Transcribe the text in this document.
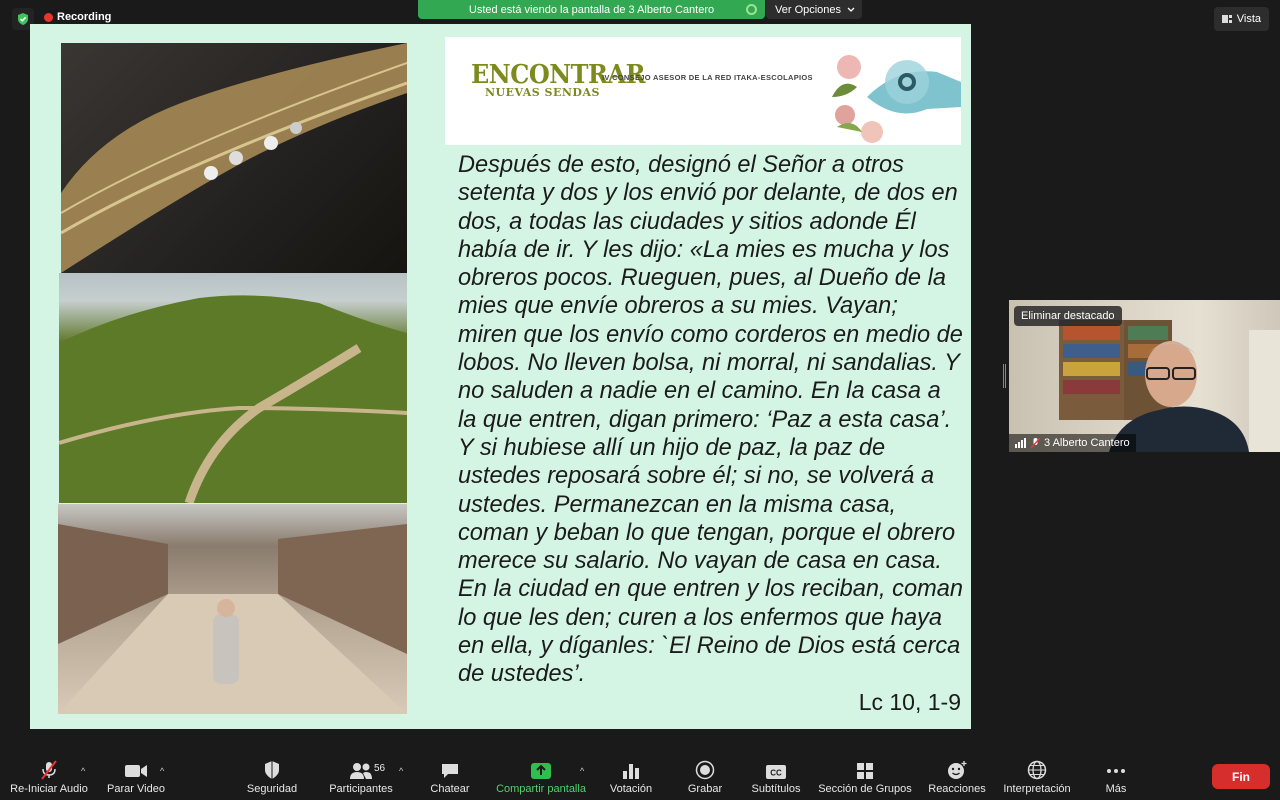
Recording
Usted está viendo la pantalla de 3 Alberto Cantero	Ver Opciones
Vista
ENCONTRAR
NUEVAS SENDAS
IV CONSEJO ASESOR DE LA RED ITAKA-ESCOLAPIOS
Después de esto, designó el Señor a otros setenta y dos y los envió por delante, de dos en dos, a todas las ciudades y sitios adonde Él había de ir. Y les dijo: «La mies es mucha y los obreros pocos. Rueguen, pues, al Dueño de la mies que envíe obreros a su mies. Vayan; miren que los envío como corderos en medio de lobos. No lleven bolsa, ni morral, ni sandalias. Y no saluden a nadie en el camino. En la casa a la que entren, digan primero: ‘Paz a esta casa’. Y si hubiese allí un hijo de paz, la paz de ustedes reposará sobre él; si no, se volverá a ustedes. Permanezcan en la misma casa, coman y beban lo que tengan, porque el obrero merece su salario. No vayan de casa en casa. En la ciudad en que entren y los reciban, coman lo que les den; curen a los enfermos que haya en ella, y díganles: `El Reino de Dios está cerca de ustedes’.
Lc 10, 1-9
Eliminar destacado
3 Alberto Cantero
Re-Iniciar Audio
^
Parar Video
^
Seguridad	Participantes
56 ^
Chatear Compartir pantalla
^
Votación	Grabar
CC
Subtítulos Sección de Grupos Reacciones Interpretación	Más
Fin
